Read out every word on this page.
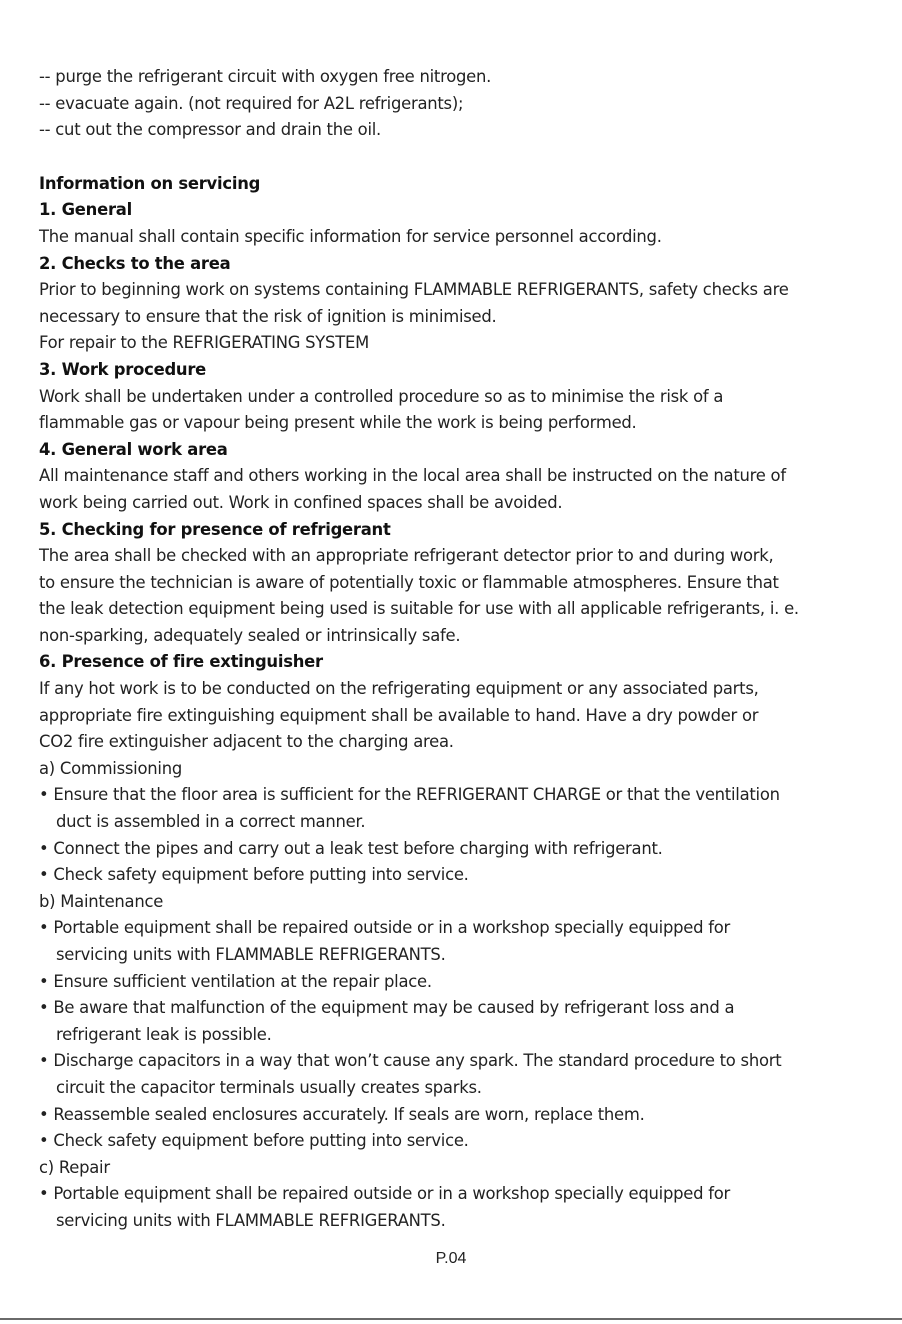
-- purge the refrigerant circuit with oxygen free nitrogen.
-- evacuate again. (not required for A2L refrigerants);
-- cut out the compressor and drain the oil.
Information on servicing
1. General
The manual shall contain specific information for service personnel according.
2. Checks to the area
Prior to beginning work on systems containing FLAMMABLE REFRIGERANTS, safety checks are
necessary to ensure that the risk of ignition is minimised.
For repair to the REFRIGERATING SYSTEM
3. Work procedure
Work shall be undertaken under a controlled procedure so as to minimise the risk of a
flammable gas or vapour being present while the work is being performed.
4. General work area
All maintenance staff and others working in the local area shall be instructed on the nature of
work being carried out. Work in confined spaces shall be avoided.
5. Checking for presence of refrigerant
The area shall be checked with an appropriate refrigerant detector prior to and during work,
to ensure the technician is aware of potentially toxic or flammable atmospheres. Ensure that
the leak detection equipment being used is suitable for use with all applicable refrigerants, i. e.
non-sparking, adequately sealed or intrinsically safe.
6. Presence of fire extinguisher
If any hot work is to be conducted on the refrigerating equipment or any associated parts,
appropriate fire extinguishing equipment shall be available to hand. Have a dry powder or
CO2 fire extinguisher adjacent to the charging area.
a) Commissioning
• Ensure that the floor area is sufficient for the REFRIGERANT CHARGE or that the ventilation
duct is assembled in a correct manner.
• Connect the pipes and carry out a leak test before charging with refrigerant.
• Check safety equipment before putting into service.
b) Maintenance
• Portable equipment shall be repaired outside or in a workshop specially equipped for
servicing units with FLAMMABLE REFRIGERANTS.
• Ensure sufficient ventilation at the repair place.
• Be aware that malfunction of the equipment may be caused by refrigerant loss and a
refrigerant leak is possible.
• Discharge capacitors in a way that won’t cause any spark. The standard procedure to short
circuit the capacitor terminals usually creates sparks.
• Reassemble sealed enclosures accurately. If seals are worn, replace them.
• Check safety equipment before putting into service.
c) Repair
• Portable equipment shall be repaired outside or in a workshop specially equipped for
servicing units with FLAMMABLE REFRIGERANTS.
P.04
